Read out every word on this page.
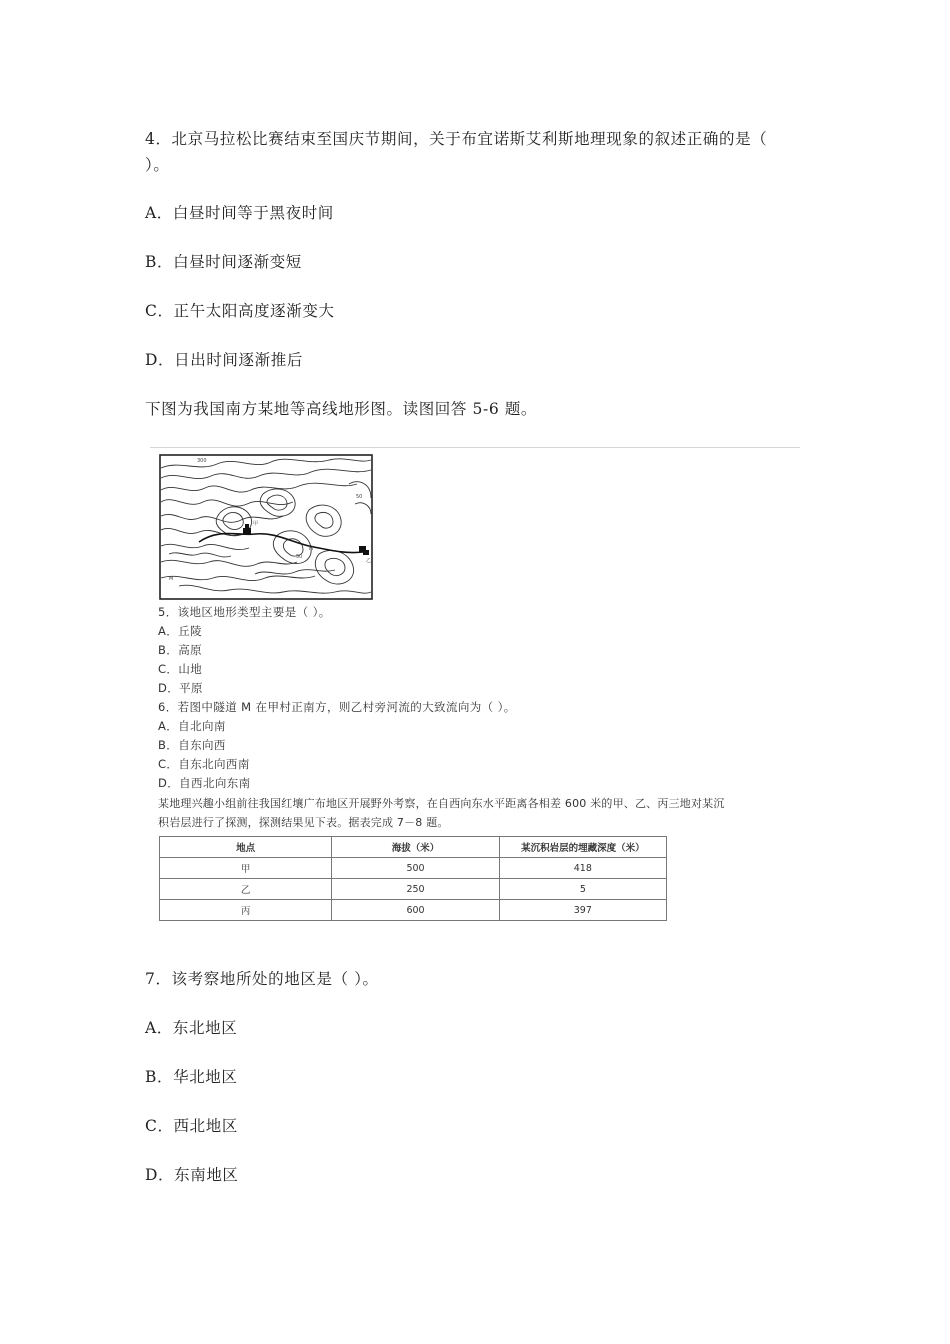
4．北京马拉松比赛结束至国庆节期间，关于布宜诺斯艾利斯地理现象的叙述正确的是（
）。
A．白昼时间等于黑夜时间
B．白昼时间逐渐变短
C．正午太阳高度逐渐变大
D．日出时间逐渐推后
下图为我国南方某地等高线地形图。读图回答 5-6 题。
300
50
甲
乙
M
M
50
5．该地区地形类型主要是（ ）。
A．丘陵
B．高原
C．山地
D．平原
6．若图中隧道 M 在甲村正南方，则乙村旁河流的大致流向为（ ）。
A．自北向南
B．自东向西
C．自东北向西南
D．自西北向东南
某地理兴趣小组前往我国红壤广布地区开展野外考察，在自西向东水平距离各相差 600 米的甲、乙、丙三地对某沉
积岩层进行了探测，探测结果见下表。据表完成 7－8 题。
地点	海拔（米）	某沉积岩层的埋藏深度（米）
甲	500	418
乙	250	5
丙	600	397
7．该考察地所处的地区是（ ）。
A．东北地区
B．华北地区
C．西北地区
D．东南地区
